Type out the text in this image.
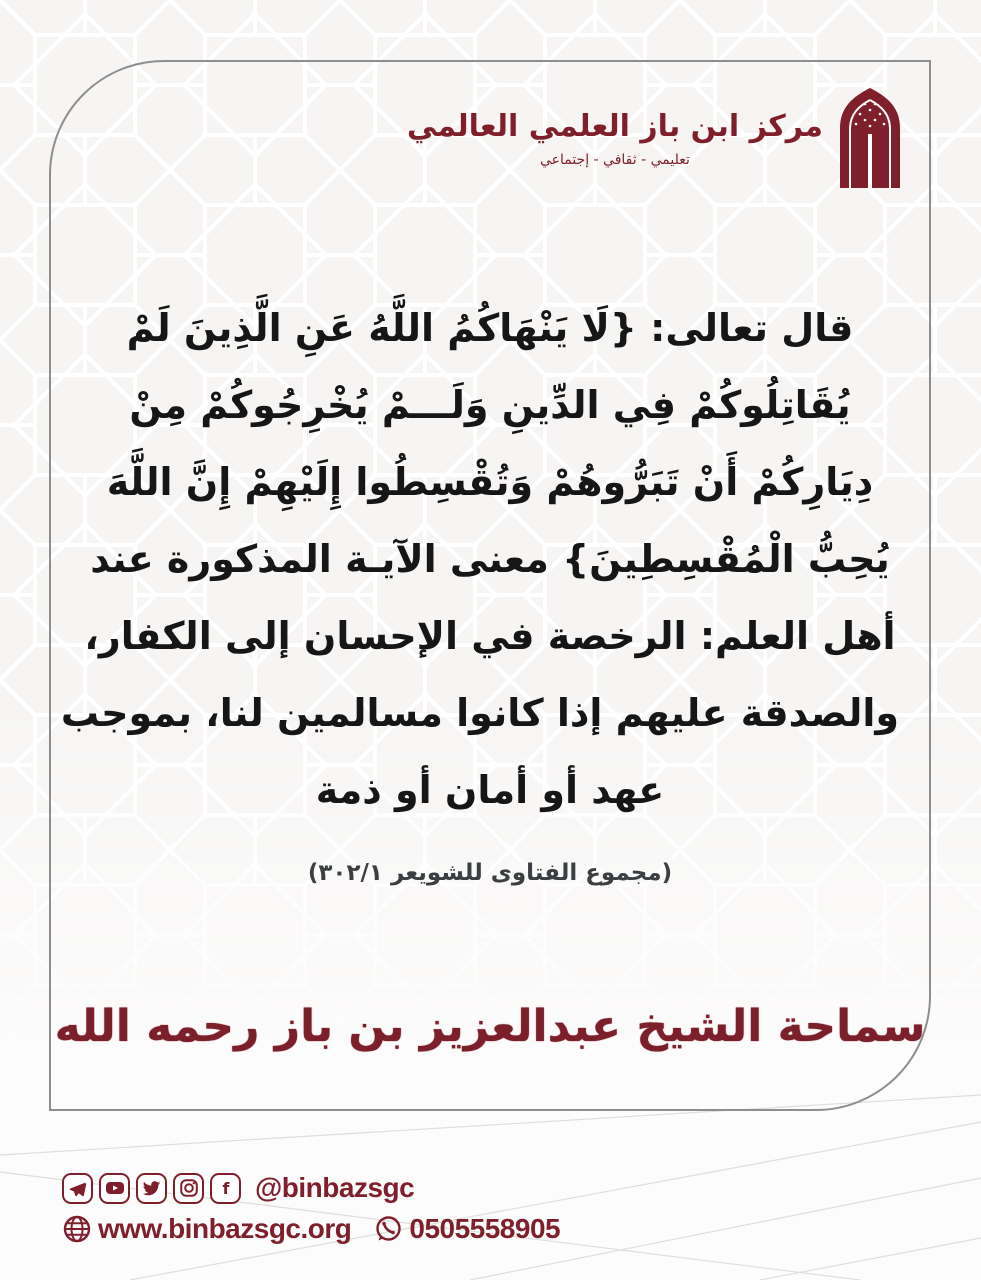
مركز ابن باز العلمي العالمي
تعليمي - ثقافي - إجتماعي
قال تعالى: {لَا يَنْهَاكُمُ اللَّهُ عَنِ الَّذِينَ لَمْ
يُقَاتِلُوكُمْ فِي الدِّينِ وَلَـــمْ يُخْرِجُوكُمْ مِنْ
دِيَارِكُمْ أَنْ تَبَرُّوهُمْ وَتُقْسِطُوا إِلَيْهِمْ إِنَّ اللَّهَ
يُحِبُّ الْمُقْسِطِينَ} معنى الآيـة المذكورة عند
أهل العلم: الرخصة في الإحسان إلى الكفار،
والصدقة عليهم إذا كانوا مسالمين لنا، بموجب
عهد أو أمان أو ذمة
(مجموع الفتاوى للشويعر ٣٠٢/١)
سماحة الشيخ عبدالعزيز بن باز رحمه الله
f @binbazsgc
www.binbazsgc.org 0505558905
